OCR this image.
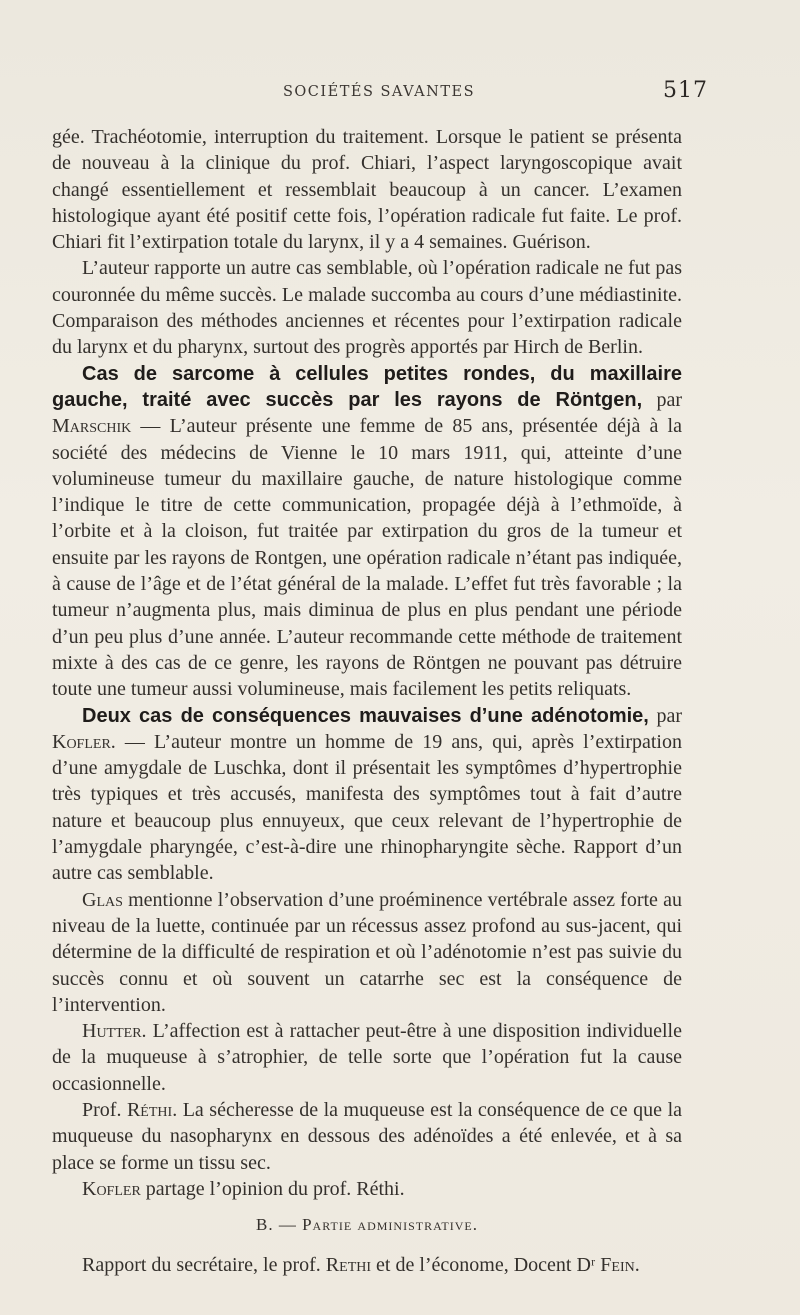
SOCIÉTÉS SAVANTES	517

gée. Trachéotomie, interruption du traitement. Lorsque le patient se présenta de nouveau à la clinique du prof. Chiari, l’aspect laryngoscopique avait changé essentiellement et ressemblait beaucoup à un cancer. L’examen histologique ayant été positif cette fois, l’opération radicale fut faite. Le prof. Chiari fit l’extirpation totale du larynx, il y a 4 semaines. Guérison.

L’auteur rapporte un autre cas semblable, où l’opération radicale ne fut pas couronnée du même succès. Le malade succomba au cours d’une médiastinite. Comparaison des méthodes anciennes et récentes pour l’extirpation radicale du larynx et du pharynx, surtout des progrès apportés par Hirch de Berlin.

Cas de sarcome à cellules petites rondes, du maxillaire gauche, traité avec succès par les rayons de Röntgen, par Marschik — L’auteur présente une femme de 85 ans, présentée déjà à la société des médecins de Vienne le 10 mars 1911, qui, atteinte d’une volumineuse tumeur du maxillaire gauche, de nature histologique comme l’indique le titre de cette communication, propagée déjà à l’ethmoïde, à l’orbite et à la cloison, fut traitée par extirpation du gros de la tumeur et ensuite par les rayons de Rontgen, une opération radicale n’étant pas indiquée, à cause de l’âge et de l’état général de la malade. L’effet fut très favorable ; la tumeur n’augmenta plus, mais diminua de plus en plus pendant une période d’un peu plus d’une année. L’auteur recommande cette méthode de traitement mixte à des cas de ce genre, les rayons de Röntgen ne pouvant pas détruire toute une tumeur aussi volumineuse, mais facilement les petits reliquats.

Deux cas de conséquences mauvaises d’une adénotomie, par Kofler. — L’auteur montre un homme de 19 ans, qui, après l’extirpation d’une amygdale de Luschka, dont il présentait les symptômes d’hypertrophie très typiques et très accusés, manifesta des symptômes tout à fait d’autre nature et beaucoup plus ennuyeux, que ceux relevant de l’hypertrophie de l’amygdale pharyngée, c’est-à-dire une rhinopharyngite sèche. Rapport d’un autre cas semblable.

Glas mentionne l’observation d’une proéminence vertébrale assez forte au niveau de la luette, continuée par un récessus assez profond au sus-jacent, qui détermine de la difficulté de respiration et où l’adénotomie n’est pas suivie du succès connu et où souvent un catarrhe sec est la conséquence de l’intervention.

Hutter. L’affection est à rattacher peut-être à une disposition individuelle de la muqueuse à s’atrophier, de telle sorte que l’opération fut la cause occasionnelle.

Prof. Réthi. La sécheresse de la muqueuse est la conséquence de ce que la muqueuse du nasopharynx en dessous des adénoïdes a été enlevée, et à sa place se forme un tissu sec.

Kofler partage l’opinion du prof. Réthi.

B. — Partie administrative.

Rapport du secrétaire, le prof. Rethi et de l’économe, Docent Dʳ Fein.
